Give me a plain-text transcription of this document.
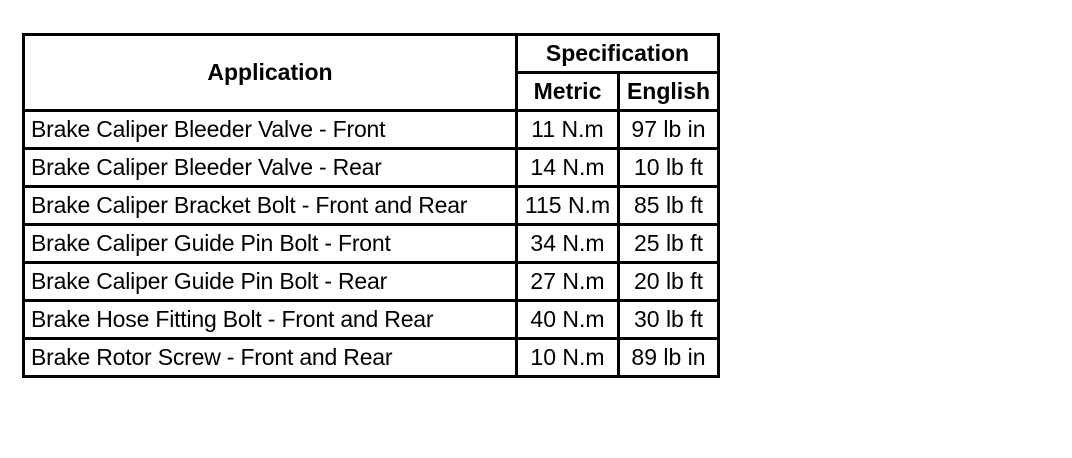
Application	Specification	
	Metric	English
Brake Caliper Bleeder Valve - Front	11 N.m	97 lb in
Brake Caliper Bleeder Valve - Rear	14 N.m	10 lb ft
Brake Caliper Bracket Bolt - Front and Rear	115 N.m	85 lb ft
Brake Caliper Guide Pin Bolt - Front	34 N.m	25 lb ft
Brake Caliper Guide Pin Bolt - Rear	27 N.m	20 lb ft
Brake Hose Fitting Bolt - Front and Rear	40 N.m	30 lb ft
Brake Rotor Screw - Front and Rear	10 N.m	89 lb in
